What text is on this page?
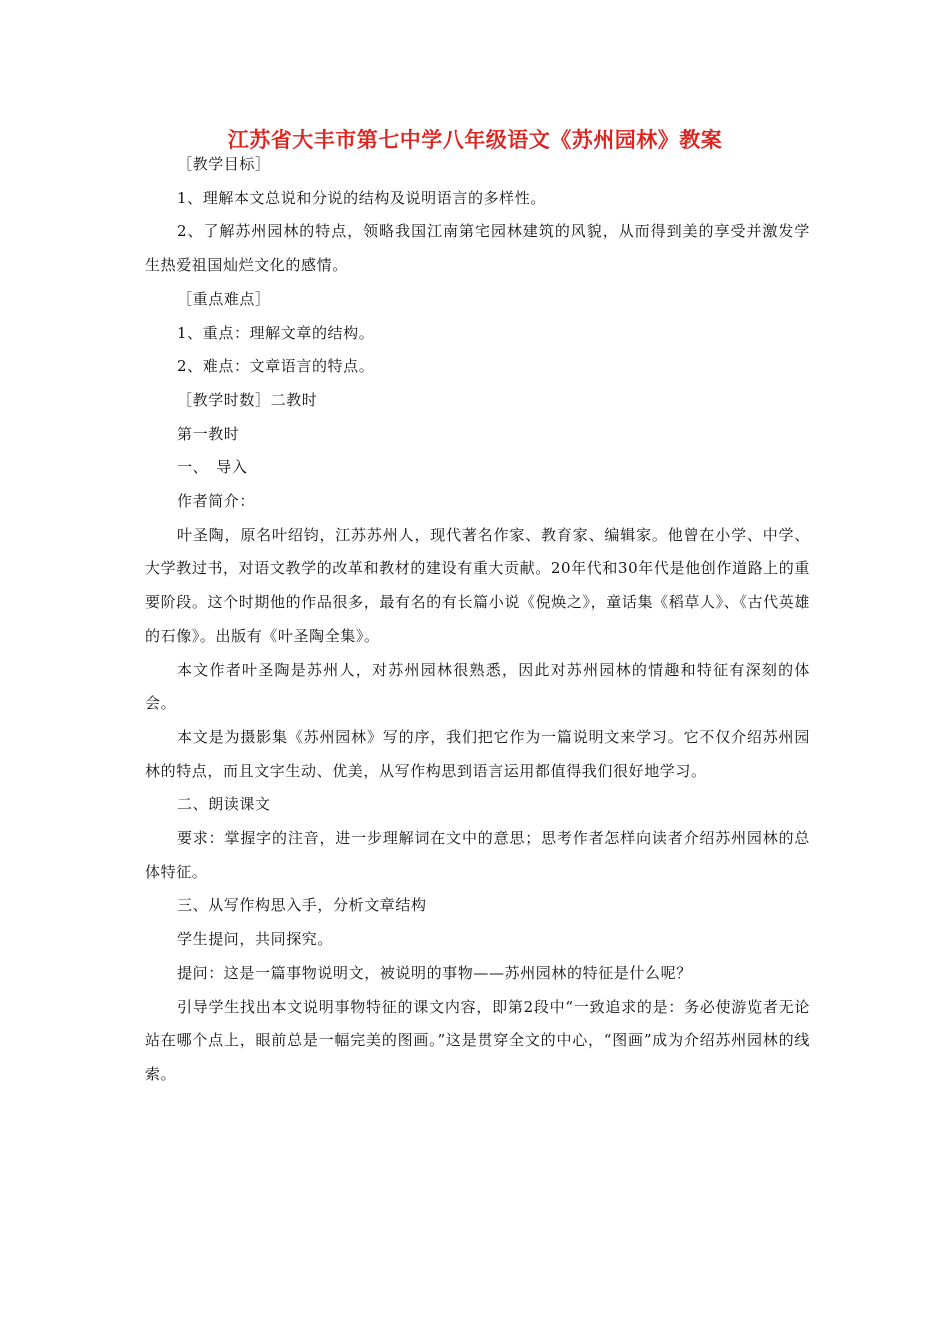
江苏省大丰市第七中学八年级语文《苏州园林》教案

［教学目标］

1、理解本文总说和分说的结构及说明语言的多样性。

2、了解苏州园林的特点，领略我国江南第宅园林建筑的风貌，从而得到美的享受并激发学生热爱祖国灿烂文化的感情。

［重点难点］

1、重点：理解文章的结构。

2、难点：文章语言的特点。

［教学时数］二教时

第一教时

一、　导入

作者简介：

叶圣陶，原名叶绍钧，江苏苏州人，现代著名作家、教育家、编辑家。他曾在小学、中学、大学教过书，对语文教学的改革和教材的建设有重大贡献。20年代和30年代是他创作道路上的重要阶段。这个时期他的作品很多，最有名的有长篇小说《倪焕之》，童话集《稻草人》、《古代英雄的石像》。出版有《叶圣陶全集》。

本文作者叶圣陶是苏州人，对苏州园林很熟悉，因此对苏州园林的情趣和特征有深刻的体会。

本文是为摄影集《苏州园林》写的序，我们把它作为一篇说明文来学习。它不仅介绍苏州园林的特点，而且文字生动、优美，从写作构思到语言运用都值得我们很好地学习。

二、朗读课文

要求：掌握字的注音，进一步理解词在文中的意思；思考作者怎样向读者介绍苏州园林的总体特征。

三、从写作构思入手，分析文章结构

学生提问，共同探究。

提问：这是一篇事物说明文，被说明的事物——苏州园林的特征是什么呢？

引导学生找出本文说明事物特征的课文内容，即第2段中“一致追求的是：务必使游览者无论站在哪个点上，眼前总是一幅完美的图画。”这是贯穿全文的中心，“图画”成为介绍苏州园林的线索。
